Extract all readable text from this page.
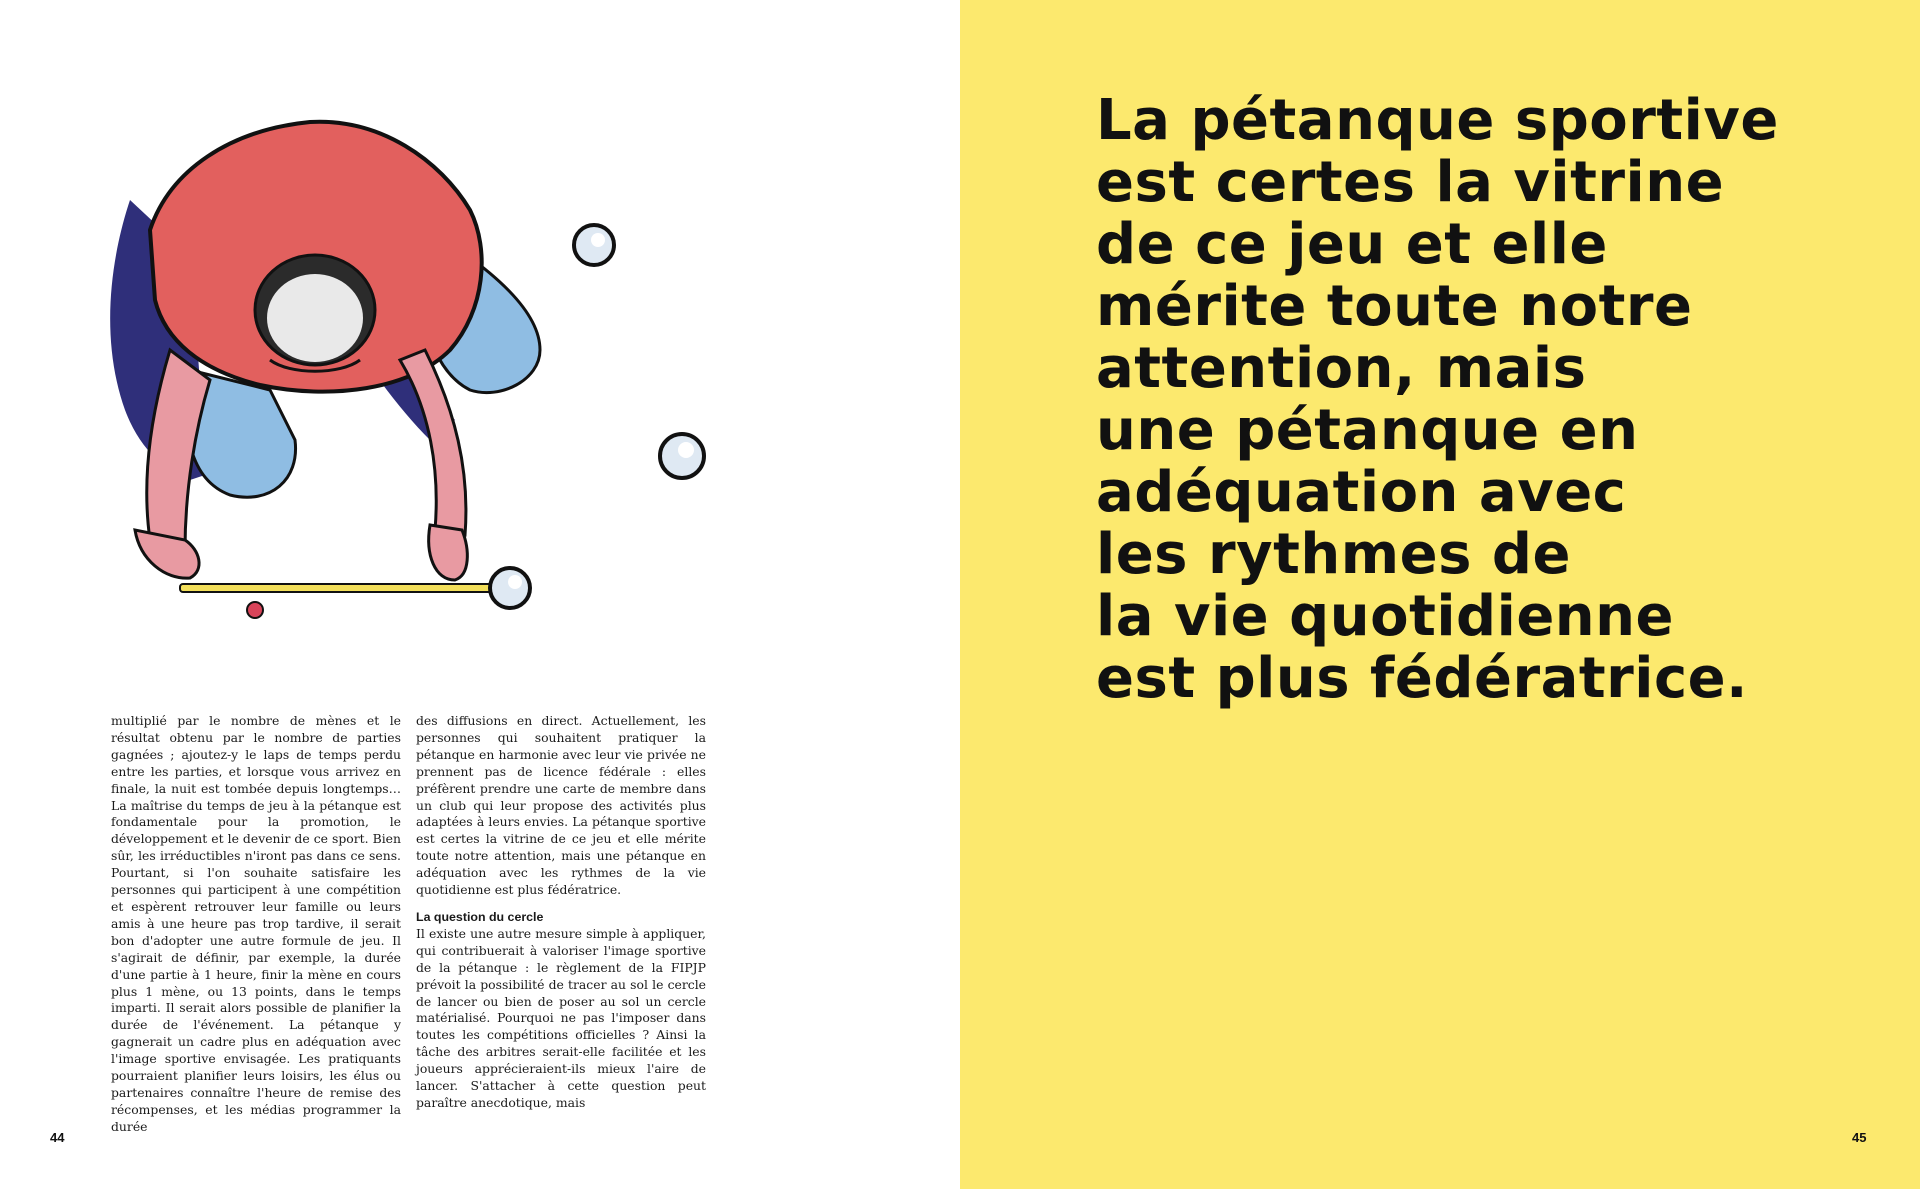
multiplié par le nombre de mènes et le résultat obtenu par le nombre de parties gagnées ; ajoutez-y le laps de temps perdu entre les parties, et lorsque vous arrivez en finale, la nuit est tombée depuis longtemps… La maîtrise du temps de jeu à la pétanque est fondamentale pour la promotion, le développement et le devenir de ce sport. Bien sûr, les irréductibles n'iront pas dans ce sens. Pourtant, si l'on souhaite satisfaire les personnes qui participent à une compétition et espèrent retrouver leur famille ou leurs amis à une heure pas trop tardive, il serait bon d'adopter une autre formule de jeu. Il s'agirait de définir, par exemple, la durée d'une partie à 1 heure, finir la mène en cours plus 1 mène, ou 13 points, dans le temps imparti. Il serait alors possible de planifier la durée de l'événement. La pétanque y gagnerait un cadre plus en adéquation avec l'image sportive envisagée. Les pratiquants pourraient planifier leurs loisirs, les élus ou partenaires connaître l'heure de remise des récompenses, et les médias programmer la durée

des diffusions en direct. Actuellement, les personnes qui souhaitent pratiquer la pétanque en harmonie avec leur vie privée ne prennent pas de licence fédérale : elles préfèrent prendre une carte de membre dans un club qui leur propose des activités plus adaptées à leurs envies. La pétanque sportive est certes la vitrine de ce jeu et elle mérite toute notre attention, mais une pétanque en adéquation avec les rythmes de la vie quotidienne est plus fédératrice.

La question du cercle

Il existe une autre mesure simple à appliquer, qui contribuerait à valoriser l'image sportive de la pétanque : le règlement de la FIPJP prévoit la possibilité de tracer au sol le cercle de lancer ou bien de poser au sol un cercle matérialisé. Pourquoi ne pas l'imposer dans toutes les compétitions officielles ? Ainsi la tâche des arbitres serait-elle facilitée et les joueurs apprécieraient-ils mieux l'aire de lancer. S'attacher à cette question peut paraître anecdotique, mais

44
La pétanque sportive
est certes la vitrine
de ce jeu et elle
mérite toute notre
attention, mais
une pétanque en
adéquation avec
les rythmes de
la vie quotidienne
est plus fédératrice.
45
